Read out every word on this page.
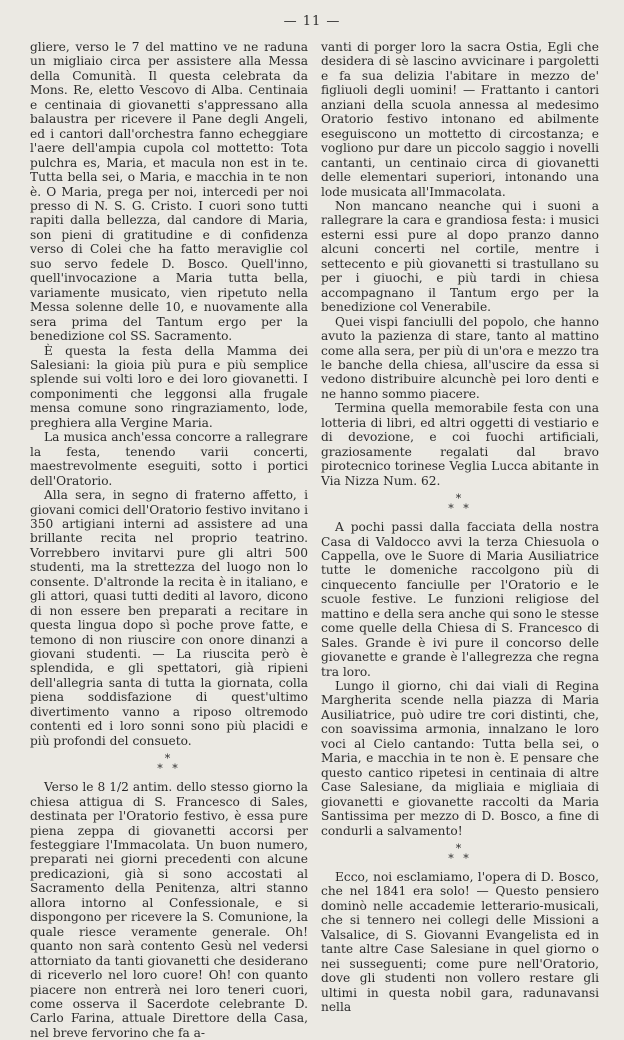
— 11 —

gliere, verso le 7 del mattino ve ne raduna un migliaio circa per assistere alla Messa della Comunità. Il questa celebrata da Mons. Re, eletto Vescovo di Alba. Centinaia e centinaia di giovanetti s'appressano alla balaustra per ricevere il Pane degli Angeli, ed i cantori dall'orchestra fanno echeggiare l'aere dell'ampia cupola col mottetto: Tota pulchra es, Maria, et macula non est in te. Tutta bella sei, o Maria, e macchia in te non è. O Maria, prega per noi, intercedi per noi presso di N. S. G. Cristo. I cuori sono tutti rapiti dalla bellezza, dal candore di Maria, son pieni di gratitudine e di confidenza verso di Colei che ha fatto meraviglie col suo servo fedele D. Bosco. Quell'inno, quell'invocazione a Maria tutta bella, variamente musicato, vien ripetuto nella Messa solenne delle 10, e nuovamente alla sera prima del Tantum ergo per la benedizione col SS. Sacramento.

È questa la festa della Mamma dei Salesiani: la gioia più pura e più semplice splende sui volti loro e dei loro giovanetti. I componimenti che leggonsi alla frugale mensa comune sono ringraziamento, lode, preghiera alla Vergine Maria.

La musica anch'essa concorre a rallegrare la festa, tenendo varii concerti, maestrevolmente eseguiti, sotto i portici dell'Oratorio.

Alla sera, in segno di fraterno affetto, i giovani comici dell'Oratorio festivo invitano i 350 artigiani interni ad assistere ad una brillante recita nel proprio teatrino. Vorrebbero invitarvi pure gli altri 500 studenti, ma la strettezza del luogo non lo consente. D'altronde la recita è in italiano, e gli attori, quasi tutti dediti al lavoro, dicono di non essere ben preparati a recitare in questa lingua dopo sì poche prove fatte, e temono di non riuscire con onore dinanzi a giovani studenti. — La riuscita però è splendida, e gli spettatori, già ripieni dell'allegria santa di tutta la giornata, colla piena soddisfazione di quest'ultimo divertimento vanno a riposo oltremodo contenti ed i loro sonni sono più placidi e più profondi del consueto.

*
* *

Verso le 8 1/2 antim. dello stesso giorno la chiesa attigua di S. Francesco di Sales, destinata per l'Oratorio festivo, è essa pure piena zeppa di giovanetti accorsi per festeggiare l'Immacolata. Un buon numero, preparati nei giorni precedenti con alcune predicazioni, già si sono accostati al Sacramento della Penitenza, altri stanno allora intorno al Confessionale, e si dispongono per ricevere la S. Comunione, la quale riesce veramente generale. Oh! quanto non sarà contento Gesù nel vedersi attorniato da tanti giovanetti che desiderano di riceverlo nel loro cuore! Oh! con quanto piacere non entrerà nei loro teneri cuori, come osserva il Sacerdote celebrante D. Carlo Farina, attuale Direttore della Casa, nel breve fervorino che fa a-

vanti di porger loro la sacra Ostia, Egli che desidera di sè lascino avvicinare i pargoletti e fa sua delizia l'abitare in mezzo de' figliuoli degli uomini! — Frattanto i cantori anziani della scuola annessa al medesimo Oratorio festivo intonano ed abilmente eseguiscono un mottetto di circostanza; e vogliono pur dare un piccolo saggio i novelli cantanti, un centinaio circa di giovanetti delle elementari superiori, intonando una lode musicata all'Immacolata.

Non mancano neanche qui i suoni a rallegrare la cara e grandiosa festa: i musici esterni essi pure al dopo pranzo danno alcuni concerti nel cortile, mentre i settecento e più giovanetti si trastullano su per i giuochi, e più tardi in chiesa accompagnano il Tantum ergo per la benedizione col Venerabile.

Quei vispi fanciulli del popolo, che hanno avuto la pazienza di stare, tanto al mattino come alla sera, per più di un'ora e mezzo tra le banche della chiesa, all'uscire da essa si vedono distribuire alcunchè pei loro denti e ne hanno sommo piacere.

Termina quella memorabile festa con una lotteria di libri, ed altri oggetti di vestiario e di devozione, e coi fuochi artificiali, graziosamente regalati dal bravo pirotecnico torinese Veglia Lucca abitante in Via Nizza Num. 62.

*
* *

A pochi passi dalla facciata della nostra Casa di Valdocco avvi la terza Chiesuola o Cappella, ove le Suore di Maria Ausiliatrice tutte le domeniche raccolgono più di cinquecento fanciulle per l'Oratorio e le scuole festive. Le funzioni religiose del mattino e della sera anche qui sono le stesse come quelle della Chiesa di S. Francesco di Sales. Grande è ivi pure il concorso delle giovanette e grande è l'allegrezza che regna tra loro.

Lungo il giorno, chi dai viali di Regina Margherita scende nella piazza di Maria Ausiliatrice, può udire tre cori distinti, che, con soavissima armonia, innalzano le loro voci al Cielo cantando: Tutta bella sei, o Maria, e macchia in te non è. E pensare che questo cantico ripetesi in centinaia di altre Case Salesiane, da migliaia e migliaia di giovanetti e giovanette raccolti da Maria Santissima per mezzo di D. Bosco, a fine di condurli a salvamento!

*
* *

Ecco, noi esclamiamo, l'opera di D. Bosco, che nel 1841 era solo! — Questo pensiero dominò nelle accademie letterario-musicali, che si tennero nei collegi delle Missioni a Valsalice, di S. Giovanni Evangelista ed in tante altre Case Salesiane in quel giorno o nei susseguenti; come pure nell'Oratorio, dove gli studenti non vollero restare gli ultimi in questa nobil gara, radunavansi nella
